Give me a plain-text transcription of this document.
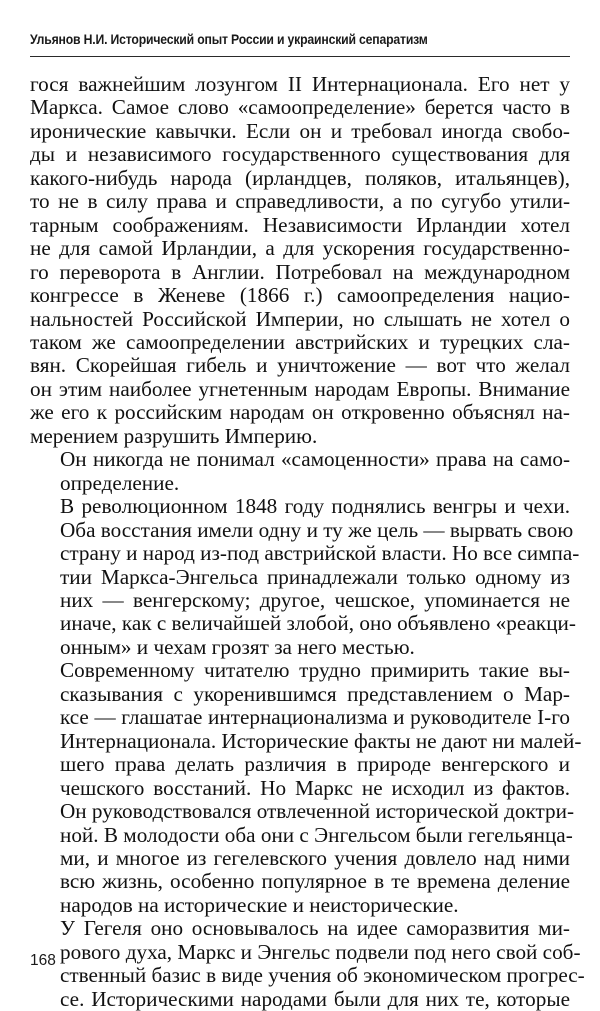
Ульянов Н.И. Исторический опыт России и украинский сепаратизм

гося важнейшим лозунгом II Интернационала. Его нет у
Маркса. Самое слово «самоопределение» берется часто в
иронические кавычки. Если он и требовал иногда свобо-
ды и независимого государственного существования для
какого-нибудь народа (ирландцев, поляков, итальянцев),
то не в силу права и справедливости, а по сугубо утили-
тарным соображениям. Независимости Ирландии хотел
не для самой Ирландии, а для ускорения государственно-
го переворота в Англии. Потребовал на международном
конгрессе в Женеве (1866 г.) самоопределения нацио-
нальностей Российской Империи, но слышать не хотел о
таком же самоопределении австрийских и турецких сла-
вян. Скорейшая гибель и уничтожение — вот что желал
он этим наиболее угнетенным народам Европы. Внимание
же его к российским народам он откровенно объяснял на-
мерением разрушить Империю.

Он никогда не понимал «самоценности» права на само-
определение.

В революционном 1848 году поднялись венгры и чехи.
Оба восстания имели одну и ту же цель — вырвать свою
страну и народ из-под австрийской власти. Но все симпа-
тии Маркса-Энгельса принадлежали только одному из
них — венгерскому; другое, чешское, упоминается не
иначе, как с величайшей злобой, оно объявлено «реакци-
онным» и чехам грозят за него местью.

Современному читателю трудно примирить такие вы-
сказывания с укоренившимся представлением о Мар-
ксе — глашатае интернационализма и руководителе I-го
Интернационала. Исторические факты не дают ни малей-
шего права делать различия в природе венгерского и
чешского восстаний. Но Маркс не исходил из фактов.
Он руководствовался отвлеченной исторической доктри-
ной. В молодости оба они с Энгельсом были гегельянца-
ми, и многое из гегелевского учения довлело над ними
всю жизнь, особенно популярное в те времена деление
народов на исторические и неисторические.

У Гегеля оно основывалось на идее саморазвития ми-
рового духа, Маркс и Энгельс подвели под него свой соб-
ственный базис в виде учения об экономическом прогрес-
се. Историческими народами были для них те, которые

168
